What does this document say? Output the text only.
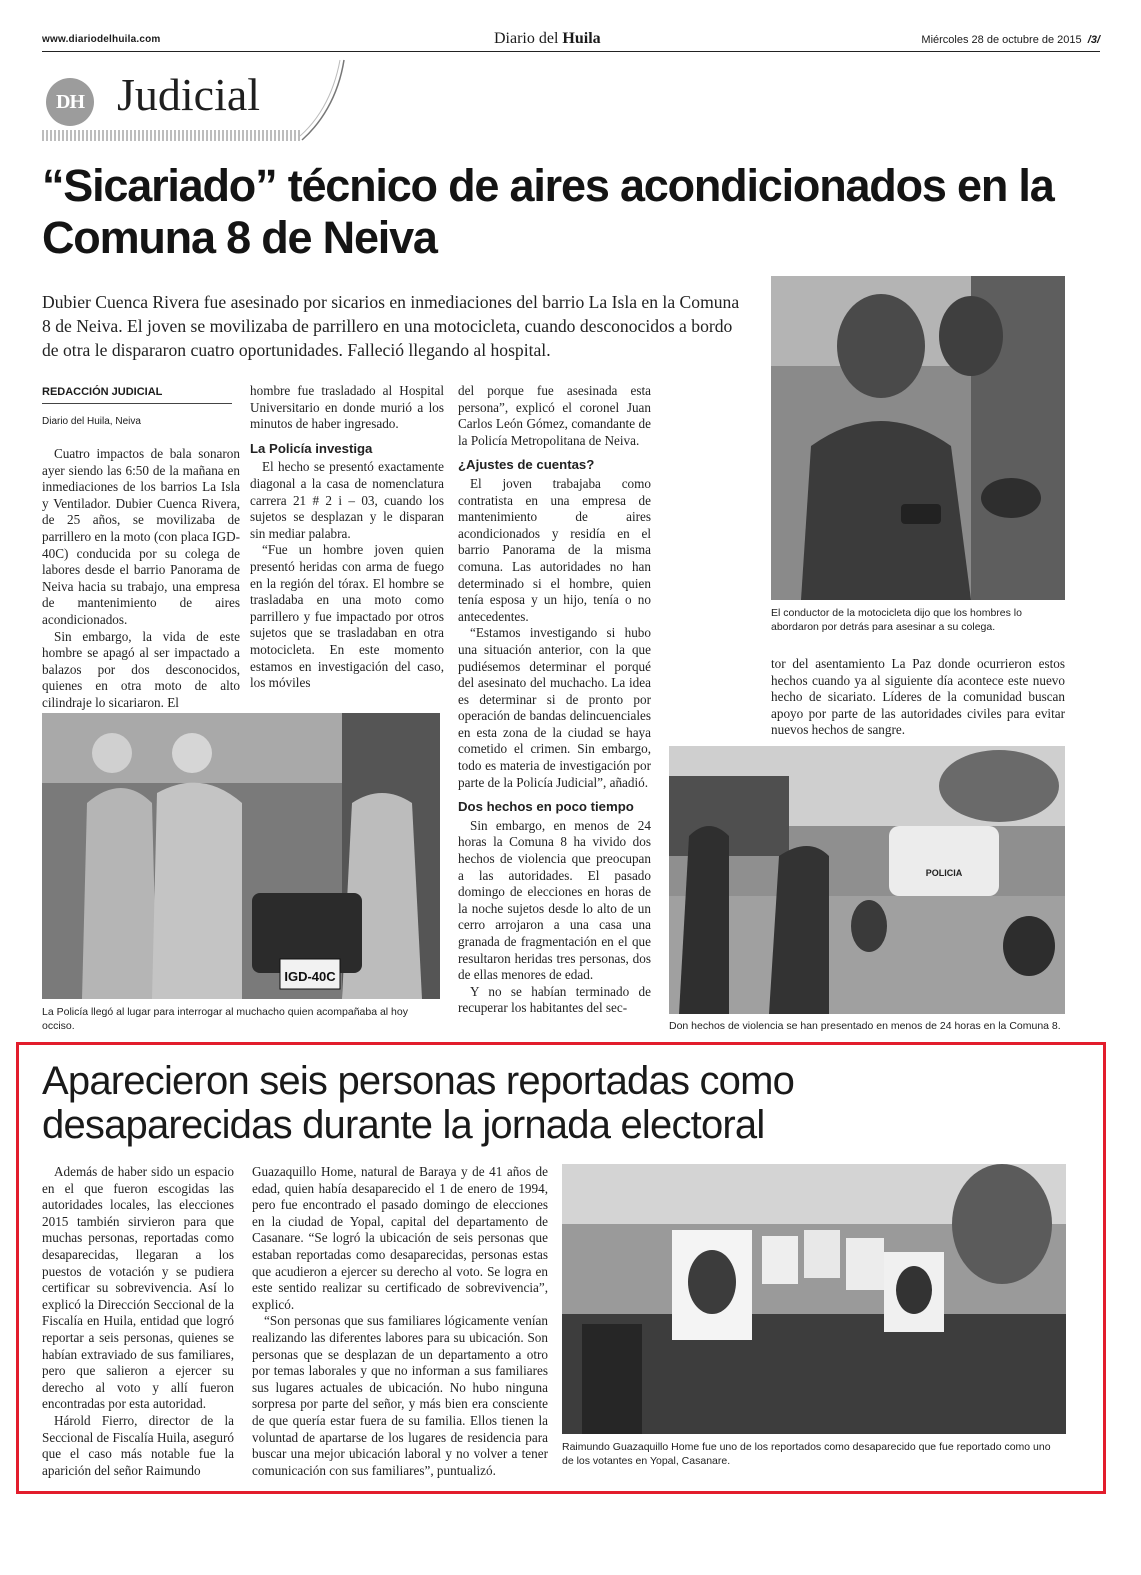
www.diariodelhuila.com	Diario del Huila	Miércoles 28 de octubre de 2015 /3/
DH Judicial
“Sicariado” técnico de aires acondicionados en la Comuna 8 de Neiva
Dubier Cuenca Rivera fue asesinado por sicarios en inmediaciones del barrio La Isla en la Comuna 8 de Neiva. El joven se movilizaba de parrillero en una motocicleta, cuando desconocidos a bordo de otra le dispararon cuatro oportunidades. Falleció llegando al hospital.
REDACCIÓN JUDICIAL
Diario del Huila, Neiva

Cuatro impactos de bala sonaron ayer siendo las 6:50 de la mañana en inmediaciones de los barrios La Isla y Ventilador. Dubier Cuenca Rivera, de 25 años, se movilizaba de parrillero en la moto (con placa IGD-40C) conducida por su colega de labores desde el barrio Panorama de Neiva hacia su trabajo, una empresa de mantenimiento de aires acondicionados.

Sin embargo, la vida de este hombre se apagó al ser impactado a balazos por dos desconocidos, quienes en otra moto de alto cilindraje lo sicariaron. El

hombre fue trasladado al Hospital Universitario en donde murió a los minutos de haber ingresado.

La Policía investiga

El hecho se presentó exactamente diagonal a la casa de nomenclatura carrera 21 # 2 i – 03, cuando los sujetos se desplazan y le disparan sin mediar palabra.

“Fue un hombre joven quien presentó heridas con arma de fuego en la región del tórax. El hombre se trasladaba en una moto como parrillero y fue impactado por otros sujetos que se trasladaban en otra motocicleta. En este momento estamos en investigación del caso, los móviles

del porque fue asesinada esta persona”, explicó el coronel Juan Carlos León Gómez, comandante de la Policía Metropolitana de Neiva.

¿Ajustes de cuentas?

El joven trabajaba como contratista en una empresa de mantenimiento de aires acondicionados y residía en el barrio Panorama de la misma comuna. Las autoridades no han determinado si el hombre, quien tenía esposa y un hijo, tenía o no antecedentes.

“Estamos investigando si hubo una situación anterior, con la que pudiésemos determinar el porqué del asesinato del muchacho. La idea es determinar si de pronto por operación de bandas delincuenciales en esta zona de la ciudad se haya cometido el crimen. Sin embargo, todo es materia de investigación por parte de la Policía Judicial”, añadió.

Dos hechos en poco tiempo

Sin embargo, en menos de 24 horas la Comuna 8 ha vivido dos hechos de violencia que preocupan a las autoridades. El pasado domingo de elecciones en horas de la noche sujetos desde lo alto de un cerro arrojaron a una casa una granada de fragmentación en el que resultaron heridas tres personas, dos de ellas menores de edad.

Y no se habían terminado de recuperar los habitantes del sec-

El conductor de la motocicleta dijo que los hombres lo abordaron por detrás para asesinar a su colega.

tor del asentamiento La Paz donde ocurrieron estos hechos cuando ya al siguiente día acontece este nuevo hecho de sicariato. Líderes de la comunidad buscan apoyo por parte de las autoridades civiles para evitar nuevos hechos de sangre.

IGD-40C
La Policía llegó al lugar para interrogar al muchacho quien acompañaba al hoy occiso.
POLICIA
Don hechos de violencia se han presentado en menos de 24 horas en la Comuna 8.
Aparecieron seis personas reportadas como desaparecidas durante la jornada electoral

Además de haber sido un espacio en el que fueron escogidas las autoridades locales, las elecciones 2015 también sirvieron para que muchas personas, reportadas como desaparecidas, llegaran a los puestos de votación y se pudiera certificar su sobrevivencia. Así lo explicó la Dirección Seccional de la Fiscalía en Huila, entidad que logró reportar a seis personas, quienes se habían extraviado de sus familiares, pero que salieron a ejercer su derecho al voto y allí fueron encontradas por esta autoridad.

Hárold Fierro, director de la Seccional de Fiscalía Huila, aseguró que el caso más notable fue la aparición del señor Raimundo

Guazaquillo Home, natural de Baraya y de 41 años de edad, quien había desaparecido el 1 de enero de 1994, pero fue encontrado el pasado domingo de elecciones en la ciudad de Yopal, capital del departamento de Casanare. “Se logró la ubicación de seis personas que estaban reportadas como desaparecidas, personas estas que acudieron a ejercer su derecho al voto. Se logra en este sentido realizar su certificado de sobrevivencia”, explicó.

“Son personas que sus familiares lógicamente venían realizando las diferentes labores para su ubicación. Son personas que se desplazan de un departamento a otro por temas laborales y que no informan a sus familiares sus lugares actuales de ubicación. No hubo ninguna sorpresa por parte del señor, y más bien era consciente de que quería estar fuera de su familia. Ellos tienen la voluntad de apartarse de los lugares de residencia para buscar una mejor ubicación laboral y no volver a tener comunicación con sus familiares”, puntualizó.

Raimundo Guazaquillo Home fue uno de los reportados como desaparecido que fue reportado como uno de los votantes en Yopal, Casanare.
